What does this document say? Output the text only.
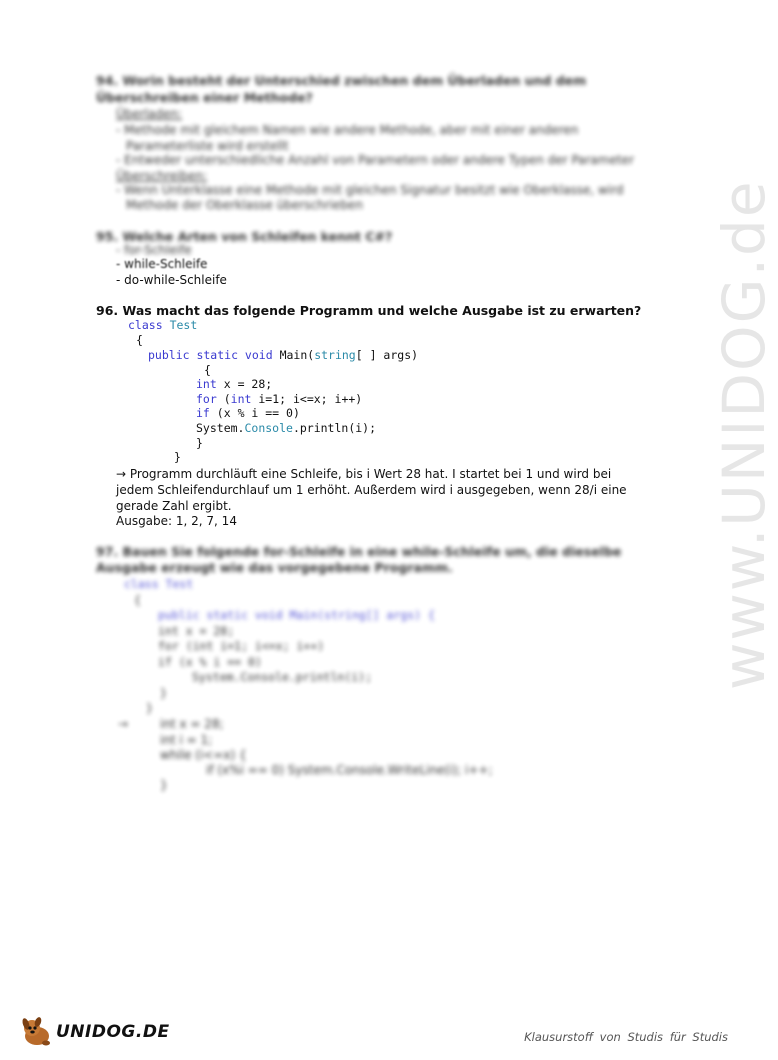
www.UNIDOG.de
94. Worin besteht der Unterschied zwischen dem Überladen und dem Überschreiben einer Methode?
Überladen:
- Methode mit gleichem Namen wie andere Methode, aber mit einer anderen
Parameterliste wird erstellt
- Entweder unterschiedliche Anzahl von Parametern oder andere Typen der Parameter
Überschreiben:
- Wenn Unterklasse eine Methode mit gleichen Signatur besitzt wie Oberklasse, wird
Methode der Oberklasse überschrieben
95. Welche Arten von Schleifen kennt C#?
- for-Schleife
- while-Schleife
- do-while-Schleife
96. Was macht das folgende Programm und welche Ausgabe ist zu erwarten?
class Test
{
public static void Main(string[ ] args)
{
int x = 28;
for (int i=1; i<=x; i++)
if (x % i == 0)
System.Console.println(i);
}
}
→ Programm durchläuft eine Schleife, bis i Wert 28 hat. I startet bei 1 und wird bei
jedem Schleifendurchlauf um 1 erhöht. Außerdem wird i ausgegeben, wenn 28/i eine
gerade Zahl ergibt.
Ausgabe: 1, 2, 7, 14
97. Bauen Sie folgende for-Schleife in eine while-Schleife um, die dieselbe
Ausgabe erzeugt wie das vorgegebene Programm.
class Test
{
public static void Main(string[] args) {
int x = 28;
for (int i=1; i<=x; i++)
if (x % i == 0)
System.Console.println(i);
}
}
→	int x = 28;
int i = 1;
while (i<=x) {
if (x%i == 0) System.Console.WriteLine(i); i++;
}
UNIDOG.DE	Klausurstoff von Studis für Studis
